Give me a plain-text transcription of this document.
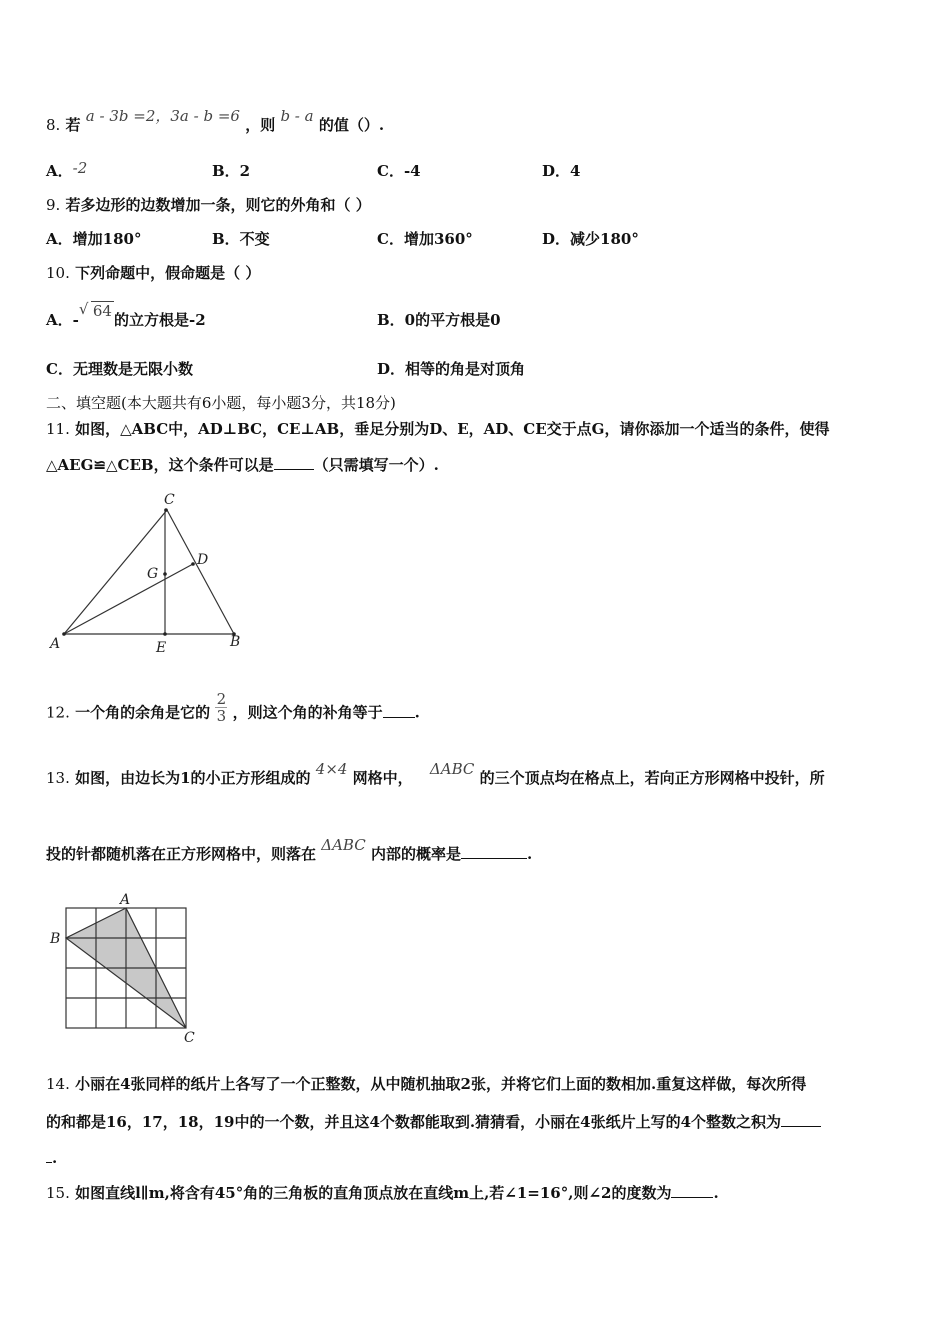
8. 若 a - 3b =2，3a - b =6 ，则 b - a 的值（）.
A．-2	B．2	C．-4	D．4
9. 若多边形的边数增加一条，则它的外角和（ ）
A．增加180°	B．不变	C．增加360°	D．减少180°
10. 下列命题中，假命题是（ ）
A．-
√ 64 的立方根是-2	B．0的平方根是0
C．无理数是无限小数	D．相等的角是对顶角
二、填空题(本大题共有6小题，每小题3分，共18分)
11. 如图，△ABC中，AD⊥BC，CE⊥AB，垂足分别为D、E，AD、CE交于点G，请你添加一个适当的条件，使得
△AEG≌△CEB，这个条件可以是	（只需填写一个）.
A	B
C
D
E
G
12. 一个角的余角是它的 $\frac{2}{3}$ ，则这个角的补角等于 .
13. 如图，由边长为1的小正方形组成的 4×4 网格中， ΔABC 的三个顶点均在格点上，若向正方形网格中投针，所
投的针都随机落在正方形网格中，则落在 ΔABC 内部的概率是	.
A
B
C
14. 小丽在4张同样的纸片上各写了一个正整数，从中随机抽取2张，并将它们上面的数相加.重复这样做，每次所得
的和都是16，17，18，19中的一个数，并且这4个数都能取到.猜猜看，小丽在4张纸片上写的4个整数之积为
.
15. 如图直线l∥m,将含有45°角的三角板的直角顶点放在直线m上,若∠1=16°,则∠2的度数为	.
